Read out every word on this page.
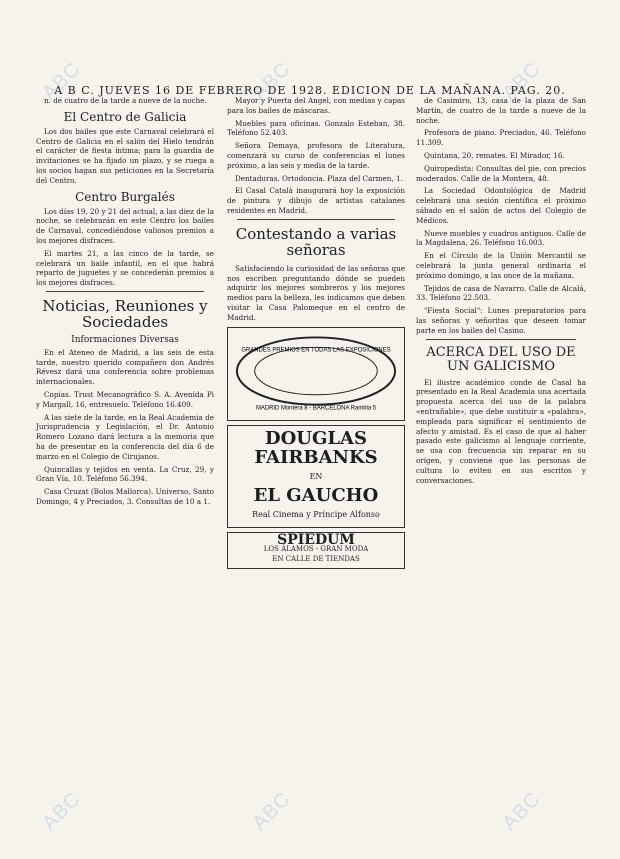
ABC	ABC	ABC
ABC	ABC	ABC
A B C. JUEVES 16 DE FEBRERO DE 1928. EDICION DE LA MAÑANA. PAG. 20.

n. de cuatro de la tarde a nueve de la noche.

El Centro de Galicia

Los dos bailes que este Carnaval celebrará el Centro de Galicia en el salón del Hielo tendrán el carácter de fiesta íntima; para la guardia de invitaciones se ha fijado un plazo, y se ruega a los socios hagan sus peticiones en la Secretaría del Centro.

Centro Burgalés

Los días 19, 20 y 21 del actual, a las diez de la noche, se celebrarán en este Centro los bailes de Carnaval, concediéndose valiosos premios a los mejores disfraces.

El martes 21, a las cinco de la tarde, se celebrará un baile infantil, en el que habrá reparto de juguetes y se concederán premios a los mejores disfraces.

Noticias, Reuniones y Sociedades
Informaciones Diversas

En el Ateneo de Madrid, a las seis de esta tarde, nuestro querido compañero don Andrés Révesz dará una conferencia sobre problemas internacionales.

Copias. Trust Mecanográfico S. A. Avenida Pi y Margall, 16, entresuelo. Teléfono 16.409.

A las siete de la tarde, en la Real Academia de Jurisprudencia y Legislación, el Dr. Antonio Romero Lozano dará lectura a la memoria que ha de presentar en la conferencia del día 6 de marzo en el Colegio de Cirujanos.

Quincallas y tejidos en venta. La Cruz, 29, y Gran Vía, 10. Teléfono 56.394.

Casa Cruzat (Bolos Mallorca). Universo, Santo Domingo, 4 y Preciados, 3. Consultas de 10 a 1.

Mayor y Puerta del Angel, con medias y capas para los bailes de máscaras.

Muebles para oficinas. Gonzalo Esteban, 38. Teléfono 52.403.

Señora Demaya, profesora de Literatura, comenzará su curso de conferencias el lunes próximo, a las seis y media de la tarde.

Dentaduras. Ortodoncia. Plaza del Carmen, 1.

El Casal Català inaugurará hoy la exposición de pintura y dibujo de artistas catalanes residentes en Madrid.

Contestando a varias señoras

Satisfaciendo la curiosidad de las señoras que nos escriben preguntando dónde se pueden adquirir los mejores sombreros y los mejores medios para la belleza, les indicamos que deben visitar la Casa Palomeque en el centro de Madrid.

GRANDES PREMIOS EN TODAS LAS EXPOSICIONES
MADRID Montera 8 - BARCELONA Rambla 5
DOUGLAS FAIRBANKS
EN
EL GAUCHO
Real Cinema y Príncipe Alfonso
SPIEDUM
LOS ÁLAMOS - GRAN MODA
EN CALLE DE TIENDAS

de Casimiro, 13, casa de la plaza de San Martín, de cuatro de la tarde a nueve de la noche.

Profesora de piano. Preciados, 46. Teléfono 11.309.

Quintana, 20, remates. El Mirador, 16.

Quiropedista: Consultas del pie, con precios moderados. Calle de la Montera, 48.

La Sociedad Odontológica de Madrid celebrará una sesión científica el próximo sábado en el salón de actos del Colegio de Médicos.

Nueve muebles y cuadros antiguos. Calle de la Magdalena, 26. Teléfono 16.003.

En el Círculo de la Unión Mercantil se celebrará la junta general ordinaria el próximo domingo, a las once de la mañana.

Tejidos de casa de Navarro. Calle de Alcalá, 33. Teléfono 22.503.

"Fiesta Social": Lunes preparatorios para las señoras y señoritas que deseen tomar parte en los bailes del Casino.

ACERCA DEL USO DE UN GALICISMO

El ilustre académico conde de Casal ha presentado en la Real Academia una acertada propuesta acerca del uso de la palabra «entrañable», que debe sustituir a «palabra», empleada para significar el sentimiento de afecto y amistad. Es el caso de que al haber pasado este galicismo al lenguaje corriente, se usa con frecuencia sin reparar en su origen, y conviene que las personas de cultura lo eviten en sus escritos y conversaciones.
